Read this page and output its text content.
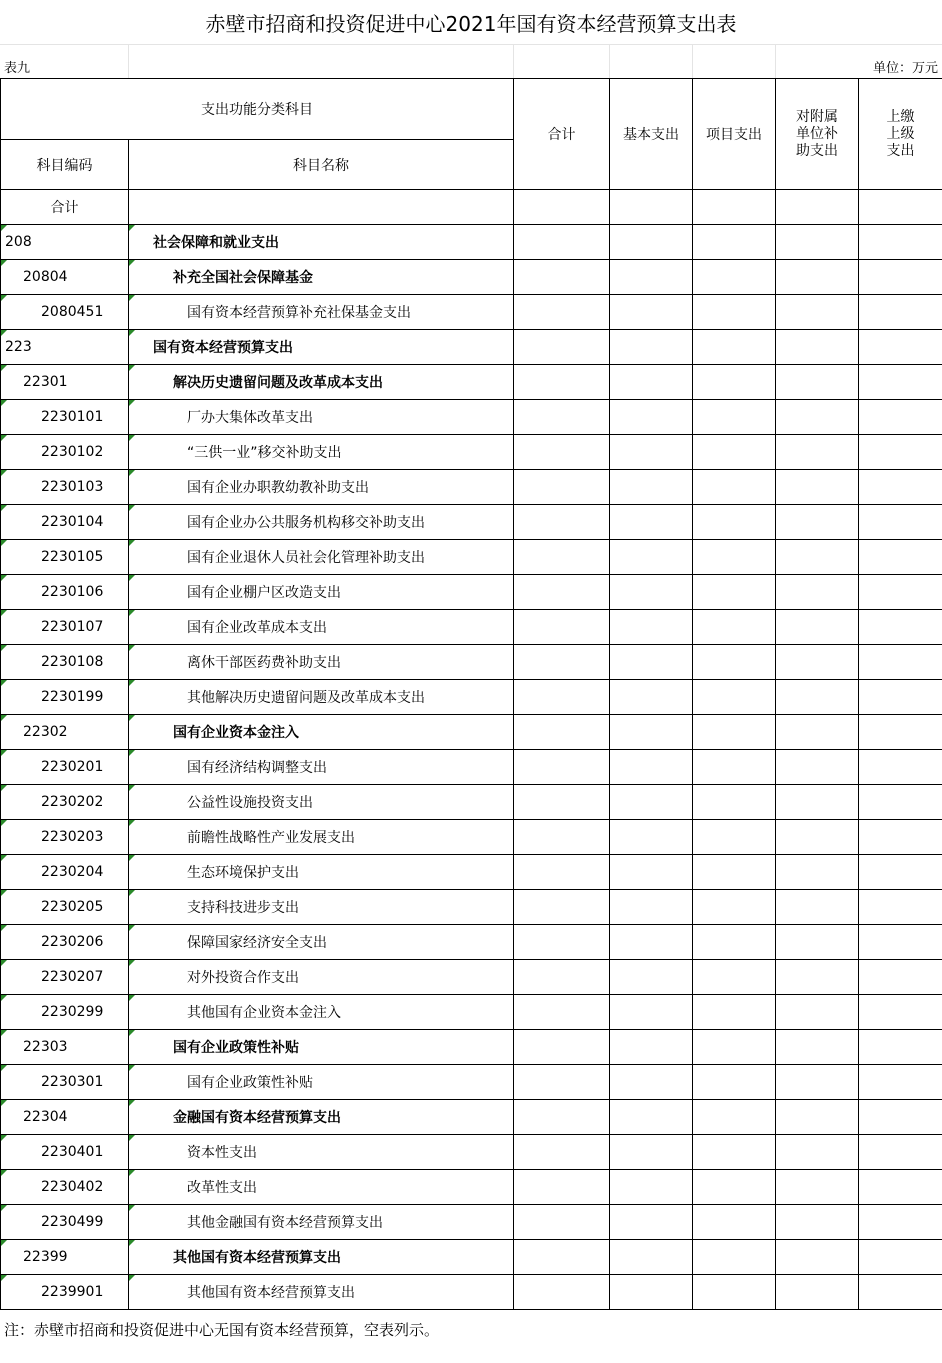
赤壁市招商和投资促进中心2021年国有资本经营预算支出表
表九	单位：万元
支出功能分类科目		合计	基本支出	项目支出	对附属单位补助支出	上缴上级支出

科目编码	科目名称					
合计						
208	社会保障和就业支出					
20804	补充全国社会保障基金					
2080451	国有资本经营预算补充社保基金支出					
223	国有资本经营预算支出					
22301	解决历史遗留问题及改革成本支出					
2230101	厂办大集体改革支出					
2230102	“三供一业”移交补助支出					
2230103	国有企业办职教幼教补助支出					
2230104	国有企业办公共服务机构移交补助支出					
2230105	国有企业退休人员社会化管理补助支出					
2230106	国有企业棚户区改造支出					
2230107	国有企业改革成本支出					
2230108	离休干部医药费补助支出					
2230199	其他解决历史遗留问题及改革成本支出					
22302	国有企业资本金注入					
2230201	国有经济结构调整支出					
2230202	公益性设施投资支出					
2230203	前瞻性战略性产业发展支出					
2230204	生态环境保护支出					
2230205	支持科技进步支出					
2230206	保障国家经济安全支出					
2230207	对外投资合作支出					
2230299	其他国有企业资本金注入					
22303	国有企业政策性补贴					
2230301	国有企业政策性补贴					
22304	金融国有资本经营预算支出					
2230401	资本性支出					
2230402	改革性支出					
2230499	其他金融国有资本经营预算支出					
22399	其他国有资本经营预算支出					
2239901	其他国有资本经营预算支出					
注：赤壁市招商和投资促进中心无国有资本经营预算，空表列示。
